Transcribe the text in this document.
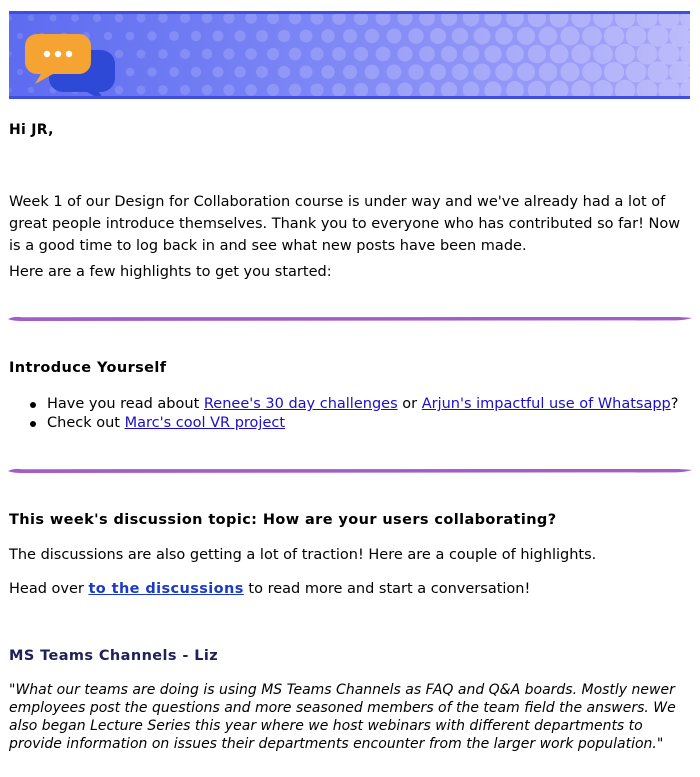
Hi JR,

Week 1 of our Design for Collaboration course is under way and we've already had a lot of great people introduce themselves. Thank you to everyone who has contributed so far! Now is a good time to log back in and see what new posts have been made.

Here are a few highlights to get you started:

Introduce Yourself
Have you read about Renee's 30 day challenges or Arjun's impactful use of Whatsapp?
Check out Marc's cool VR project
This week's discussion topic: How are your users collaborating?

The discussions are also getting a lot of traction! Here are a couple of highlights.

Head over to the discussions to read more and start a conversation!

MS Teams Channels - Liz

"What our teams are doing is using MS Teams Channels as FAQ and Q&A boards. Mostly newer employees post the questions and more seasoned members of the team field the answers. We also began Lecture Series this year where we host webinars with different departments to provide information on issues their departments encounter from the larger work population."
